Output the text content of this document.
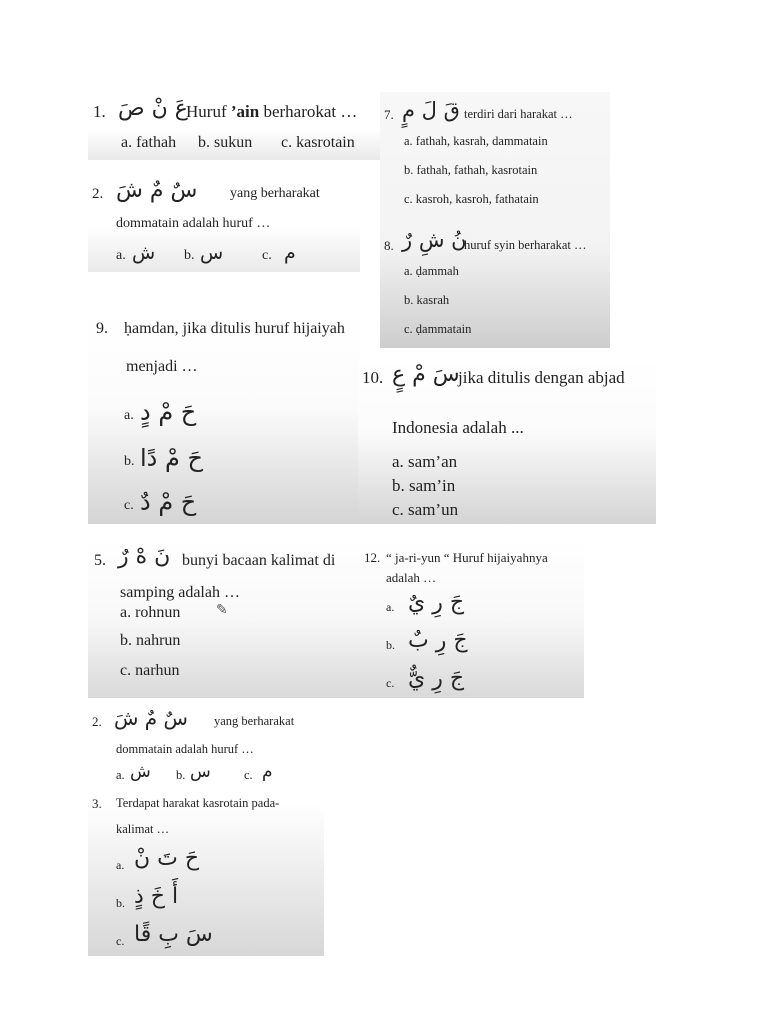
1. عَ نْ صَ
Huruf ’ain berharokat …
a. fathah b. sukun c. kasrotain
2. سٌ مٌ شَ yang berharakat
dommatain adalah huruf …
a. ش b. س	c. م
7. قَ لَ مٍ terdiri dari harakat …
a. fathah, kasrah, dammatain
b. fathah, fathah, kasrotain
c. kasroh, kasroh, fathatain
8. نُ شِ رٌ
huruf syin berharakat …
a. ḍammah
b. kasrah
c. ḍammatain
9. ḥamdan, jika ditulis huruf hijaiyah
menjadi …
a. حَ مْ دٍ
b. حَ مْ دًا
c. حَ مْ دٌ
10. سَ مْ عٍ
jika ditulis dengan abjad
Indonesia adalah ...
a. sam’an
b. sam’in
c. sam’un
5. نَ هْ رٌ bunyi bacaan kalimat di
samping adalah …
a. rohnun	✎
b. nahrun
c. narhun
12. “ ja-ri-yun “ Huruf hijaiyahnya
adalah …
a. جَ رِ يٌ
b. جَ رِ بٌ
c. جَ رِ يٌّ
2. سٌ مٌ شَ yang berharakat
dommatain adalah huruf …
a. ش b. س	c. م
3. Terdapat harakat kasrotain pada-
kalimat …
a. حَ تَ نْ
b. أَ خَ ذٍ
c. سَ بِ قًا
